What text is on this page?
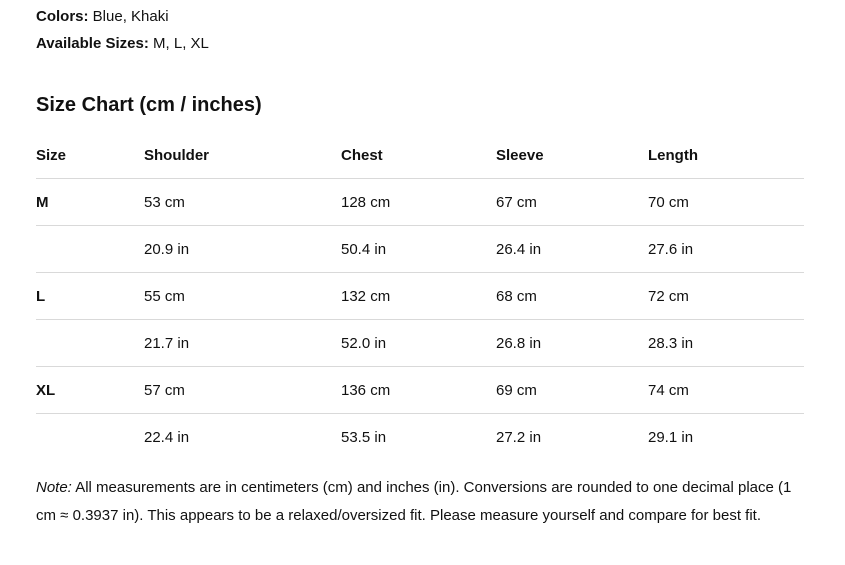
Colors: Blue, Khaki
Available Sizes: M, L, XL
Size Chart (cm / inches)
Size	Shoulder	Chest	Sleeve	Length
M	53 cm	128 cm	67 cm	70 cm
	20.9 in	50.4 in	26.4 in	27.6 in
L	55 cm	132 cm	68 cm	72 cm
	21.7 in	52.0 in	26.8 in	28.3 in
XL	57 cm	136 cm	69 cm	74 cm
	22.4 in	53.5 in	27.2 in	29.1 in

Note: All measurements are in centimeters (cm) and inches (in). Conversions are rounded to one decimal place (1 cm ≈ 0.3937 in). This appears to be a relaxed/oversized fit. Please measure yourself and compare for best fit.
